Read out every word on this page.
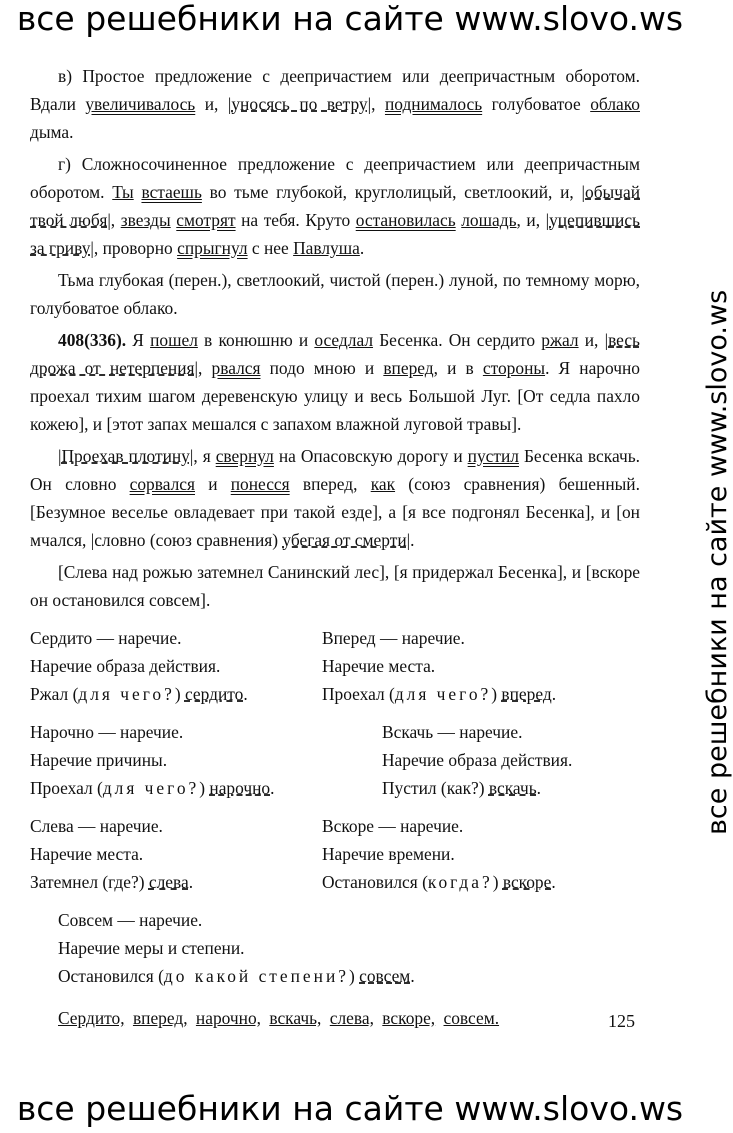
все решебники на сайте www.slovo.ws
все решебники на сайте www.slovo.ws

в) Простое предложение с деепричастием или деепричастным оборотом. Вдали увеличивалось и, |уносясь по ветру|, поднималось голубоватое облако дыма.

г) Сложносочиненное предложение с деепричастием или деепричастным оборотом. Ты встаешь во тьме глубокой, круглолицый, светлоокий, и, |обычай твой любя|, звезды смотрят на тебя. Круто остановилась лошадь, и, |уцепившись за гриву|, проворно спрыгнул с нее Павлуша.

Тьма глубокая (перен.), светлоокий, чистой (перен.) луной, по темному морю, голубоватое облако.

408(336). Я пошел в конюшню и оседлал Бесенка. Он сердито ржал и, |весь дрожа от нетерпения|, рвался подо мною и вперед, и в стороны. Я нарочно проехал тихим шагом деревенскую улицу и весь Большой Луг. [От седла пахло кожею], и [этот запах мешался с запахом влажной луговой травы].

|Проехав плотину|, я свернул на Опасовскую дорогу и пустил Бесенка вскачь. Он словно сорвался и понесся вперед, как (союз сравнения) бешенный. [Безумное веселье овладевает при такой езде], а [я все подгонял Бесенка], и [он мчался, |словно (союз сравнения) убегая от смерти|.

[Слева над рожью затемнел Санинский лес], [я придержал Бесенка], и [вскоре он остановился совсем].

Сердито — наречие.
Наречие образа действия.
Ржал (для чего?) сердито.
Вперед — наречие.
Наречие места.
Проехал (для чего?) вперед.
Нарочно — наречие.
Наречие причины.
Проехал (для чего?) нарочно.
Вскачь — наречие.
Наречие образа действия.
Пустил (как?) вскачь.
Слева — наречие.
Наречие места.
Затемнел (где?) слева.
Вскоре — наречие.
Наречие времени.
Остановился (когда?) вскоре.
Совсем — наречие.
Наречие меры и степени.
Остановился (до какой степени?) совсем.
Сердито, вперед, нарочно, вскачь, слева, вскоре, совсем.	125
все решебники на сайте www.slovo.ws
